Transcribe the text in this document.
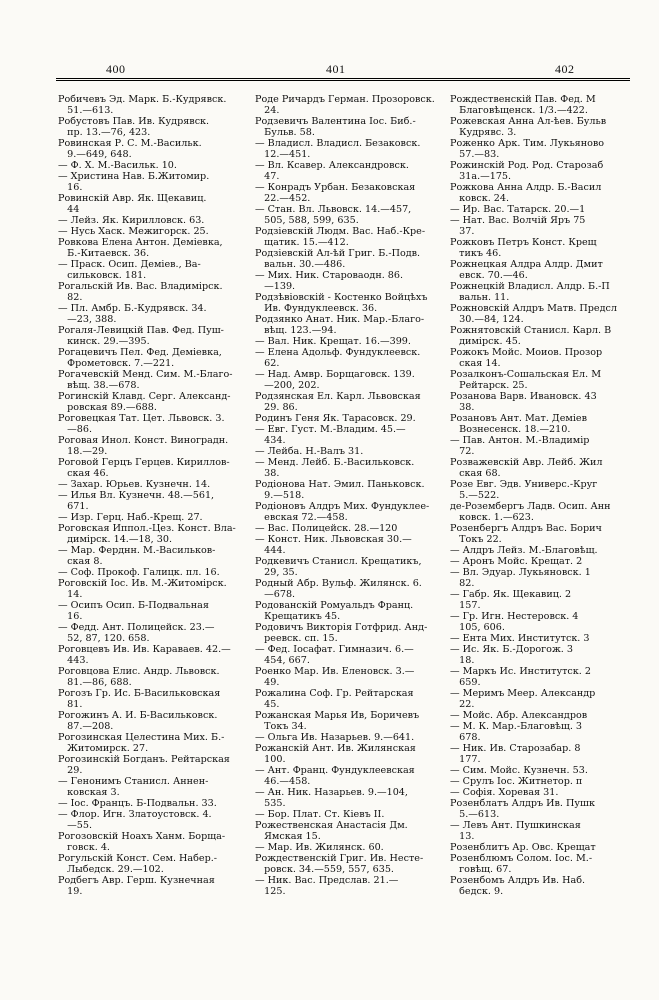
400	401	402
Робичевъ Эд. Марк. Б.-Кудрявск.
51.—613.
Робустовъ Пав. Ив. Кудрявск.
пр. 13.—76, 423.
Ровинская Р. С. М.-Васильк.
9.—649, 648.
— Ф. Х. М.-Васильк. 10.
— Христина Нав. Б.Житомир.
16.
Ровинскій Авр. Як. Щекавиц.
44
— Лейз. Як. Кирилловск. 63.
— Нусь Хаск. Межигорск. 25.
Ровкова Елена Антон. Деміевка,
Б.-Китаевск. 36.
— Праск. Осип. Деміев., Ва-
сильковск. 181.
Рогальскій Ив. Вас. Владимірск.
82.
— Пл. Амбр. Б.-Кудрявск. 34.
—23, 388.
Рогаля-Левицкій Пав. Фед. Пуш-
кинск. 29.—395.
Рогацевичъ Пел. Фед. Деміевка,
Фрометовск. 7.—221.
Рогачевскій Менд. Сим. М.-Благо-
вѣщ. 38.—678.
Рогинскій Клавд. Серг. Александ-
ровская 89.—688.
Роговецкая Тат. Цет. Львовск. 3.
—86.
Роговая Инол. Конст. Виноградн.
18.—29.
Роговой Герцъ Герцев. Кириллов-
ская 46.
— Захар. Юрьев. Кузнечн. 14.
— Илья Вл. Кузнечн. 48.—561,
671.
— Изр. Герц. Наб.-Крещ. 27.
Роговская Иппол.-Цез. Конст. Вла-
димірск. 14.—18, 30.
— Мар. Ферднн. М.-Васильков-
ская 8.
— Соф. Прокоф. Галицк. пл. 16.
Роговскій Іос. Ив. М.-Житомірск.
14.
— Осипъ Осип. Б-Подвальная
16.
— Федд. Ант. Полицейск. 23.—
52, 87, 120. 658.
Роговцевъ Ив. Ив. Караваев. 42.—
443.
Роговцова Елис. Андр. Львовск.
81.—86, 688.
Рогозъ Гр. Ис. Б-Васильковская
81.
Рогожинъ А. И. Б-Васильковск.
87.—208.
Рогозинская Целестина Мих. Б.-
Житомирск. 27.
Рогозинскій Богданъ. Рейтарская
29.
— Генонимъ Станисл. Аннен-
ковская 3.
— Іос. Францъ. Б-Подвальн. 33.
— Флор. Игн. Златоустовск. 4.
—55.
Рогозовскій Ноахъ Ханм. Борща-
говск. 4.
Рогульскій Конст. Сем. Набер.-
Лыбедск. 29.—102.
Родбегъ Авр. Герш. Кузнечная
19.
Роде Ричардъ Герман. Прозоровск.
24.
Родзевичъ Валентина Іос. Биб.-
Бульв. 58.
— Владисл. Владисл. Безаковск.
12.—451.
— Вл. Ксавер. Александровск.
47.
— Конрадъ Урбан. Безаковская
22.—452.
— Стан. Вл. Львовск. 14.—457,
505, 588, 599, 635.
Родзіевскій Людм. Вас. Наб.-Кре-
щатик. 15.—412.
Родзіевскій Ал-ѣй Григ. Б.-Подв.
вальн. 30.—486.
— Мих. Ник. Староваодн. 86.
—139.
Родзѣвіовскій - Костенко Войцѣхъ
Ив. Фундуклеевск. 36.
Родзянко Анат. Ник. Мар.-Благо-
вѣщ. 123.—94.
— Вал. Ник. Крещат. 16.—399.
— Елена Адольф. Фундуклеевск.
62.
— Над. Амвр. Борщаговск. 139.
—200, 202.
Родзянская Ел. Карл. Львовская
29. 86.
Родинъ Геня Як. Тарасовск. 29.
— Евг. Густ. М.-Владим. 45.—
434.
— Лейба. Н.-Валъ 31.
— Менд. Лейб. Б.-Васильковск.
38.
Родіонова Нат. Эмил. Паньковск.
9.—518.
Родіоновъ Алдръ Мих. Фундуклее-
евская 72.—458.
— Вас. Полицейск. 28.—120
— Конст. Ник. Львовская 30.—
444.
Родкевичъ Станисл. Крещатикъ,
29, 35.
Родный Абр. Вульф. Жилянск. 6.
—678.
Родованскій Ромуальдъ Франц.
Крещатикъ 45.
Родовичъ Викторія Готфрид. Анд-
реевск. сп. 15.
— Фед. Іосафат. Гимназич. 6.—
454, 667.
Роенко Мар. Ив. Еленовск. 3.—
49.
Рожалина Соф. Гр. Рейтарская
45.
Рожанская Марья Ив, Боричевъ
Токъ 34.
— Ольга Ив. Назарьев. 9.—641.
Рожанскій Ант. Ив. Жилянская
100.
— Ант. Франц. Фундуклеевская
46.—458.
— Ан. Ник. Назарьев. 9.—104,
535.
— Бор. Плат. Ст. Кіевъ II.
Рожественская Анастасія Дм.
Ямская 15.
— Мар. Ив. Жилянск. 60.
Рождественскій Григ. Ив. Несте-
ровск. 34.—559, 557, 635.
— Ник. Вас. Предслав. 21.—
125.
Рождественскій Пав. Фед. М
Благовѣщенск. 1/3.—422.
Рожевская Анна Ал-ѣев. Бульв
Кудрявс. 3.
Роженко Арк. Тим. Лукьяново
57.—83.
Рожинскій Род. Род. Старозаб
31а.—175.
Рожкова Анна Алдр. Б.-Васил
ковск. 24.
— Ир. Вас. Татарск. 20.—1
— Нат. Вас. Волчій Яръ 75
37.
Рожковъ Петръ Конст. Крещ
тикъ 46.
Рожнецкая Алдра Алдр. Дмит
евск. 70.—46.
Рожнецкій Владисл. Алдр. Б.-П
вальн. 11.
Рожновскій Алдръ Матв. Предсл
30.—84, 124.
Рожнятовскій Станисл. Карл. В
димірск. 45.
Рожокъ Мойс. Моиов. Прозор
ская 14.
Розалконъ-Сошальская Ел. М
Рейтарск. 25.
Розанова Варв. Ивановск. 43
38.
Розановъ Ант. Мат. Деміев
Вознесенск. 18.—210.
— Пав. Антон. М.-Владимір
72.
Розважевскій Авр. Лейб. Жил
ская 68.
Розе Евг. Эдв. Универс.-Круг
5.—522.
де-Розембергъ Ладв. Осип. Анн
ковск. 1.—623.
Розенбергъ Алдръ Вас. Борич
Токъ 22.
— Алдръ Лейз. М.-Благовѣщ.
— Аронъ Мойс. Крещат. 2
— Вл. Эдуар. Лукьяновск. 1
82.
— Габр. Як. Щекавиц. 2
157.
— Гр. Игн. Нестеровск. 4
105, 606.
— Ента Мих. Институтск. 3
— Ис. Як. Б.-Дорогож. 3
18.
— Маркъ Ис. Институтск. 2
659.
— Меримъ Меер. Александр
22.
— Мойс. Абр. Александров
— М. К. Мар.-Благовѣщ. 3
678.
— Ник. Ив. Старозабар. 8
177.
— Сим. Мойс. Кузнечн. 53.
— Срулъ Іос. Житнетор. п
— Софія. Хоревая 31.
Розенблатъ Алдръ Ив. Пушк
5.—613.
— Левъ Ант. Пушкинская
13.
Розенблитъ Ар. Овс. Крещат
Розенблюмъ Солом. Іос. М.-
говѣщ. 67.
Розенбомъ Алдръ Ив. Наб.
бедск. 9.
